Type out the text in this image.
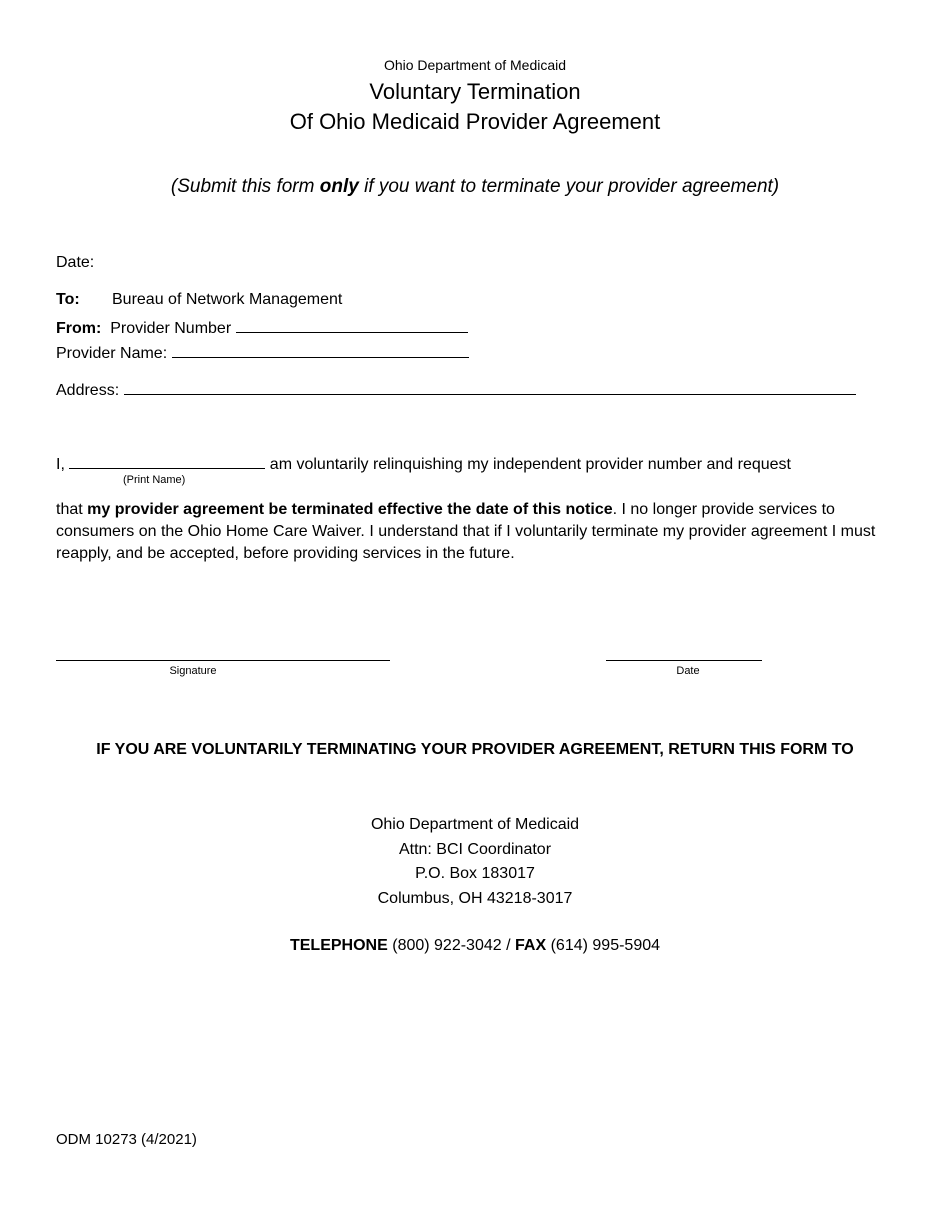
Ohio Department of Medicaid
Voluntary Termination
Of Ohio Medicaid Provider Agreement
(Submit this form only if you want to terminate your provider agreement)
Date:
To: Bureau of Network Management
From: Provider Number
Provider Name:
Address:
I,	am voluntarily relinquishing my independent provider number and request
(Print Name)
that my provider agreement be terminated effective the date of this notice. I no longer provide services to consumers on the Ohio Home Care Waiver. I understand that if I voluntarily terminate my provider agreement I must reapply, and be accepted, before providing services in the future.
Signature	Date
IF YOU ARE VOLUNTARILY TERMINATING YOUR PROVIDER AGREEMENT, RETURN THIS FORM TO
Ohio Department of Medicaid
Attn: BCI Coordinator
P.O. Box 183017
Columbus, OH 43218-3017
TELEPHONE (800) 922-3042 / FAX (614) 995-5904
ODM 10273 (4/2021)
